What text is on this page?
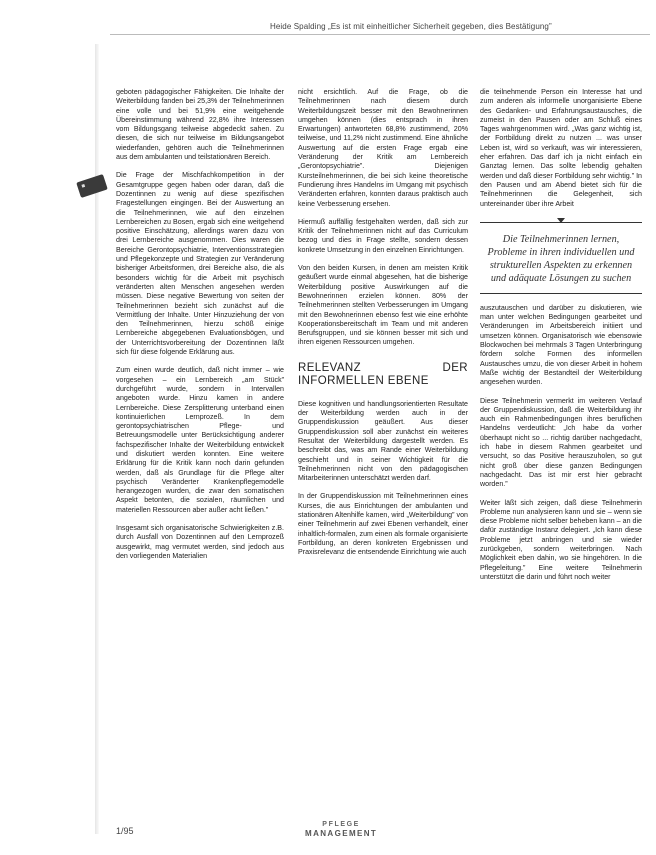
Heide Spalding „Es ist mit einheitlicher Sicherheit gegeben, dies Bestätigung”
■

geboten pädagogischer Fähigkeiten. Die Inhalte der Weiterbildung fanden bei 25,3% der Teilnehmerinnen eine volle und bei 51,9% eine weitgehende Übereinstimmung während 22,8% ihre Interessen vom Bildungsgang teilweise abgedeckt sahen. Zu diesen, die sich nur teilweise im Bildungsangebot wiederfanden, gehören auch die Teilnehmerinnen aus dem ambulanten und teilstationären Bereich.

Die Frage der Mischfachkompetition in der Gesamtgruppe gegen haben oder daran, daß die Dozentinnen zu wenig auf diese spezifischen Fragestellungen eingingen. Bei der Auswertung an die Teilnehmerinnen, wie auf den einzelnen Lernbereichen zu Bosen, ergab sich eine weitgehend positive Einschätzung, allerdings waren dazu von drei Lernbereiche ausgenommen. Dies waren die Bereiche Gerontopsychiatrie, Interventionsstrategien und Pflegekonzepte und Strategien zur Veränderung bisheriger Arbeitsformen, drei Bereiche also, die als besonders wichtig für die Arbeit mit psychisch veränderten alten Menschen angesehen werden müssen. Diese negative Bewertung von seiten der Teilnehmerinnen bezieht sich zunächst auf die Vermittlung der Inhalte. Unter Hinzuziehung der von den Teilnehmerinnen, hierzu schöß einige Lernbereiche abgegebenen Evaluationsbögen, und der Unterrichtsvorbereitung der Dozentinnen läßt sich für diese folgende Erklärung aus.

Zum einen wurde deutlich, daß nicht immer – wie vorgesehen – ein Lernbereich „am Stück” durchgeführt wurde, sondern in Intervallen angeboten wurde. Hinzu kamen in andere Lernbereiche. Diese Zersplitterung unterband einen kontinuierlichen Lernprozeß. In dem gerontopsychiatrischen Pflege- und Betreuungsmodelle unter Berücksichtigung anderer fachspezifischer Inhalte der Weiterbildung entwickelt und diskutiert werden konnten. Eine weitere Erklärung für die Kritik kann noch darin gefunden werden, daß als Grundlage für die Pflege alter psychisch Veränderter Krankenpflegemodelle herangezogen wurden, die zwar den somatischen Aspekt betonten, die sozialen, räumlichen und materiellen Ressourcen aber außer acht ließen.”

Insgesamt sich organisatorische Schwierigkeiten z.B. durch Ausfall von Dozentinnen auf den Lernprozeß ausgewirkt, mag vermutet werden, sind jedoch aus den vorliegenden Materialien

nicht ersichtlich. Auf die Frage, ob die Teilnehmerinnen nach diesem durch Weiterbildungszeit besser mit den Bewohnerinnen umgehen können (dies entsprach in ihren Erwartungen) antworteten 68,8% zustimmend, 20% teilweise, und 11,2% nicht zustimmend. Eine ähnliche Auswertung auf die ersten Frage ergab eine Veränderung der Kritik am Lernbereich „Gerontopsychiatrie”. Diejenigen Kursteilnehmerinnen, die bei sich keine theoretische Fundierung ihres Handelns im Umgang mit psychisch Veränderten erfahren, konnten daraus praktisch auch keine Verbesserung ersehen.

Hiermuß auffällig festgehalten werden, daß sich zur Kritik der Teilnehmerinnen nicht auf das Curriculum bezog und dies in Frage stellte, sondern dessen konkrete Umsetzung in den einzelnen Einrichtungen.

Von den beiden Kursen, in denen am meisten Kritik geäußert wurde einmal abgesehen, hat die bisherige Weiterbildung positive Auswirkungen auf die Bewohnerinnen erzielen können. 80% der Teilnehmerinnen stellten Verbesserungen im Umgang mit den Bewohnerinnen ebenso fest wie eine erhöhte Kooperationsbereitschaft im Team und mit anderen Berufsgruppen, und sie können besser mit sich und ihren eigenen Ressourcen umgehen.

RELEVANZ DER INFORMELLEN EBENE

Diese kognitiven und handlungsorientierten Resultate der Weiterbildung werden auch in der Gruppendiskussion geäußert. Aus dieser Gruppendiskussion soll aber zunächst ein weiteres Resultat der Weiterbildung dargestellt werden. Es beschreibt das, was am Rande einer Weiterbildung geschieht und in seiner Wichtigkeit für die Teilnehmerinnen nicht von den pädagogischen Mitarbeiterinnen unterschätzt werden darf.

In der Gruppendiskussion mit Teilnehmerinnen eines Kurses, die aus Einrichtungen der ambulanten und stationären Altenhilfe kamen, wird „Weiterbildung” von einer Teilnehmerin auf zwei Ebenen verhandelt, einer inhaltlich-formalen, zum einen als formale organisierte Fortbildung, an deren konkreten Ergebnissen und Praxisrelevanz die entsendende Einrichtung wie auch

die teilnehmende Person ein Interesse hat und zum anderen als informelle unorganisierte Ebene des Gedanken- und Erfahrungsaustausches, die zumeist in den Pausen oder am Schluß eines Tages wahrgenommen wird. „Was ganz wichtig ist, der Fortbildung direkt zu nutzen ... was unser Leben ist, wird so verkauft, was wir interessieren, eher erfahren. Das darf ich ja nicht einfach ein Ganztag lernen. Das sollte lebendig gehalten werden und daß dieser Fortbildung sehr wichtig.” In den Pausen und am Abend bietet sich für die Teilnehmerinnen die Gelegenheit, sich untereinander über ihre Arbeit

Die Teilnehmerinnen lernen, Probleme in ihren individuellen und strukturellen Aspekten zu erkennen und adäquate Lösungen zu suchen

auszutauschen und darüber zu diskutieren, wie man unter welchen Bedingungen gearbeitet und Veränderungen im Arbeitsbereich initiiert und umsetzen können. Organisatorisch wie ebensowie Blockwochen bei mehrmals 3 Tagen Unterbringung fördern solche Formen des informellen Austausches umzu, die von dieser Arbeit in hohem Maße wichtig der Bestandteil der Weiterbildung angesehen wurden.

Diese Teilnehmerin vermerkt im weiteren Verlauf der Gruppendiskussion, daß die Weiterbildung ihr auch ein Rahmenbedingungen ihres beruflichen Handelns verdeutlicht: „Ich habe da vorher überhaupt nicht so ... richtig darüber nachgedacht, ich habe in diesem Rahmen gearbeitet und versucht, so das Positive herauszuholen, so gut nicht groß über diese ganzen Bedingungen nachgedacht. Das ist mir erst hier gebracht worden.”

Weiter läßt sich zeigen, daß diese Teilnehmerin Probleme nun analysieren kann und sie – wenn sie diese Probleme nicht selber beheben kann – an die dafür zuständige Instanz delegiert. „Ich kann diese Probleme jetzt anbringen und sie wieder zurückgeben, sondern weiterbringen. Nach Möglichkeit eben dahin, wo sie hingehören. In die Pflegeleitung.” Eine weitere Teilnehmerin unterstützt die darin und führt noch weiter

1/95
PFLEGE
MANAGEMENT
